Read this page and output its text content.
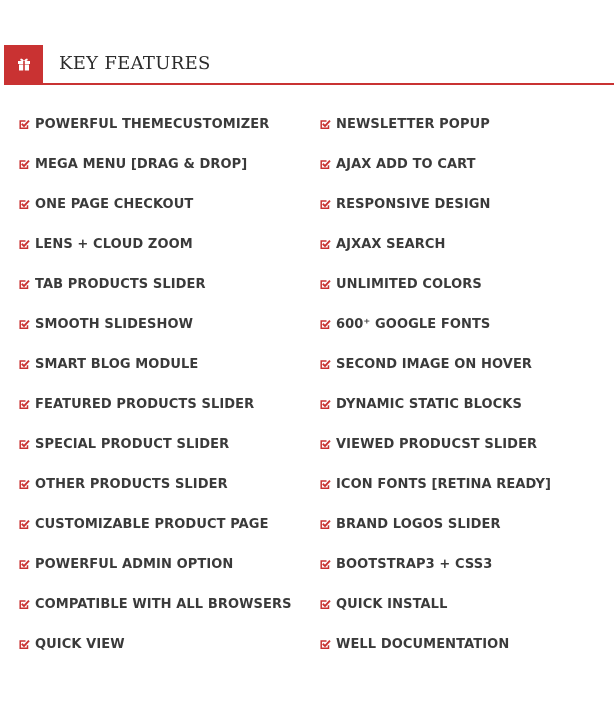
KEY FEATURES
POWERFUL THEMECUSTOMIZER
MEGA MENU [DRAG & DROP]
ONE PAGE CHECKOUT
LENS + CLOUD ZOOM
TAB PRODUCTS SLIDER
SMOOTH SLIDESHOW
SMART BLOG MODULE
FEATURED PRODUCTS SLIDER
SPECIAL PRODUCT SLIDER
OTHER PRODUCTS SLIDER
CUSTOMIZABLE PRODUCT PAGE
POWERFUL ADMIN OPTION
COMPATIBLE WITH ALL BROWSERS
QUICK VIEW
NEWSLETTER POPUP
AJAX ADD TO CART
RESPONSIVE DESIGN
AJXAX SEARCH
UNLIMITED COLORS
600⁺ GOOGLE FONTS
SECOND IMAGE ON HOVER
DYNAMIC STATIC BLOCKS
VIEWED PRODUCST SLIDER
ICON FONTS [RETINA READY]
BRAND LOGOS SLIDER
BOOTSTRAP3 + CSS3
QUICK INSTALL
WELL DOCUMENTATION
